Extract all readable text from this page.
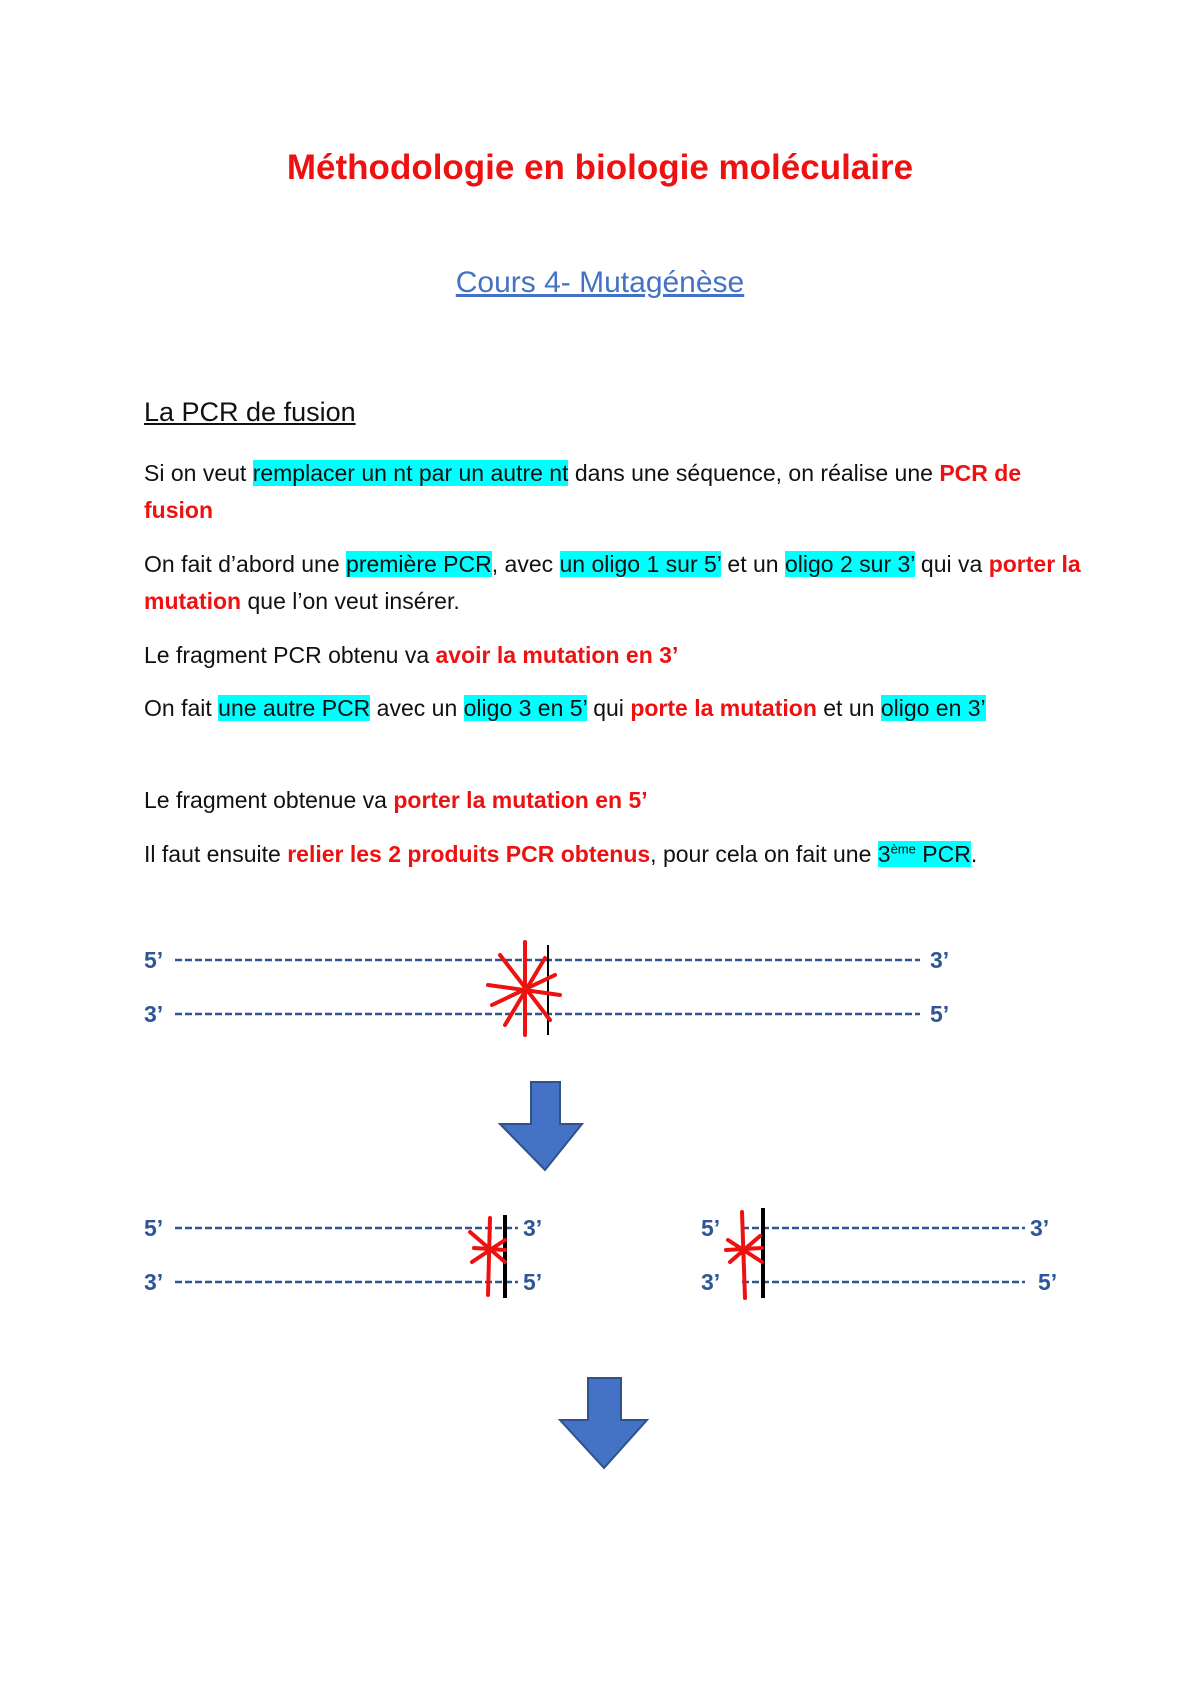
Méthodologie en biologie moléculaire
Cours 4- Mutagénèse
La PCR de fusion

Si on veut remplacer un nt par un autre nt dans une séquence, on réalise une PCR de fusion

On fait d’abord une première PCR, avec un oligo 1 sur 5’ et un oligo 2 sur 3’ qui va porter la mutation que l’on veut insérer.

Le fragment PCR obtenu va avoir la mutation en 3’

On fait une autre PCR avec un oligo 3 en 5’ qui porte la mutation et un oligo en 3’

Le fragment obtenue va porter la mutation en 5’

Il faut ensuite relier les 2 produits PCR obtenus, pour cela on fait une 3ème PCR.

5’	3’
3’	5’
5’	3’
3’	5’
5’	3’
3’	5’
